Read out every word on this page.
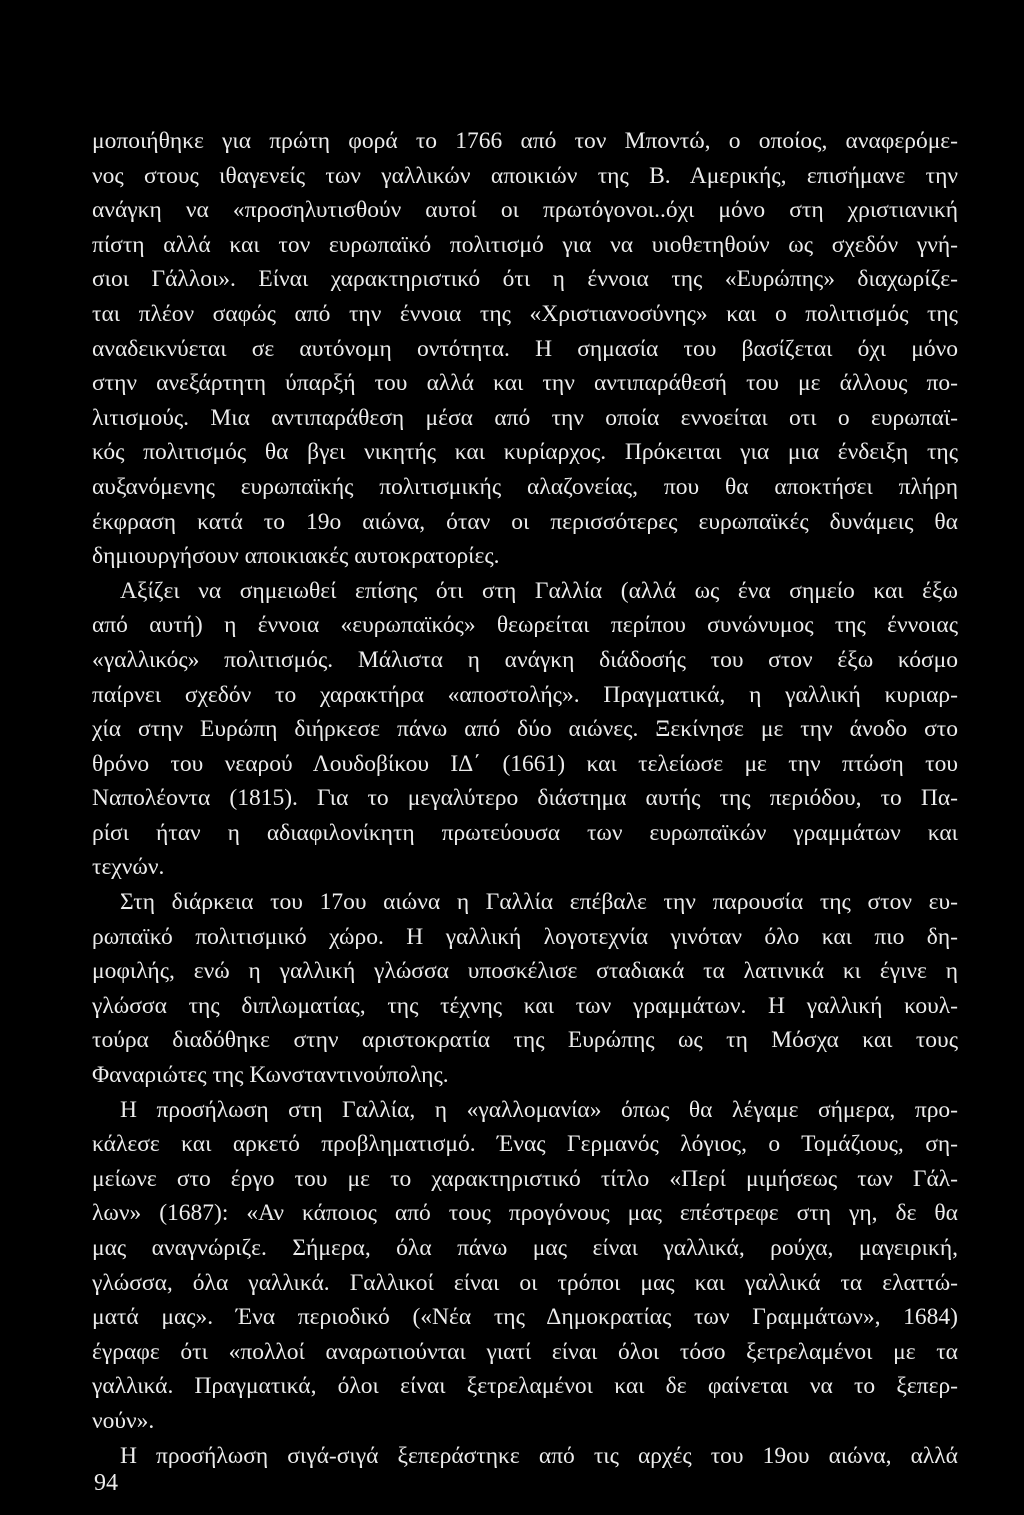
μοποιήθηκε για πρώτη φορά το 1766 από τον Μποντώ, ο οποίος, αναφερόμε-
νος στους ιθαγενείς των γαλλικών αποικιών της Β. Αμερικής, επισήμανε την
ανάγκη να «προσηλυτισθούν αυτοί οι πρωτόγονοι..όχι μόνο στη χριστιανική
πίστη αλλά και τον ευρωπαϊκό πολιτισμό για να υιοθετηθούν ως σχεδόν γνή-
σιοι Γάλλοι». Είναι χαρακτηριστικό ότι η έννοια της «Ευρώπης» διαχωρίζε-
ται πλέον σαφώς από την έννοια της «Χριστιανοσύνης» και ο πολιτισμός της
αναδεικνύεται σε αυτόνομη οντότητα. Η σημασία του βασίζεται όχι μόνο
στην ανεξάρτητη ύπαρξή του αλλά και την αντιπαράθεσή του με άλλους πο-
λιτισμούς. Μια αντιπαράθεση μέσα από την οποία εννοείται οτι ο ευρωπαϊ-
κός πολιτισμός θα βγει νικητής και κυρίαρχος. Πρόκειται για μια ένδειξη της
αυξανόμενης ευρωπαϊκής πολιτισμικής αλαζονείας, που θα αποκτήσει πλήρη
έκφραση κατά το 19ο αιώνα, όταν οι περισσότερες ευρωπαϊκές δυνάμεις θα
δημιουργήσουν αποικιακές αυτοκρατορίες.
Αξίζει να σημειωθεί επίσης ότι στη Γαλλία (αλλά ως ένα σημείο και έξω
από αυτή) η έννοια «ευρωπαϊκός» θεωρείται περίπου συνώνυμος της έννοιας
«γαλλικός» πολιτισμός. Μάλιστα η ανάγκη διάδοσής του στον έξω κόσμο
παίρνει σχεδόν το χαρακτήρα «αποστολής». Πραγματικά, η γαλλική κυριαρ-
χία στην Ευρώπη διήρκεσε πάνω από δύο αιώνες. Ξεκίνησε με την άνοδο στο
θρόνο του νεαρού Λουδοβίκου ΙΔ΄ (1661) και τελείωσε με την πτώση του
Ναπολέοντα (1815). Για το μεγαλύτερο διάστημα αυτής της περιόδου, το Πα-
ρίσι ήταν η αδιαφιλονίκητη πρωτεύουσα των ευρωπαϊκών γραμμάτων και
τεχνών.
Στη διάρκεια του 17ου αιώνα η Γαλλία επέβαλε την παρουσία της στον ευ-
ρωπαϊκό πολιτισμικό χώρο. Η γαλλική λογοτεχνία γινόταν όλο και πιο δη-
μοφιλής, ενώ η γαλλική γλώσσα υποσκέλισε σταδιακά τα λατινικά κι έγινε η
γλώσσα της διπλωματίας, της τέχνης και των γραμμάτων. Η γαλλική κουλ-
τούρα διαδόθηκε στην αριστοκρατία της Ευρώπης ως τη Μόσχα και τους
Φαναριώτες της Κωνσταντινούπολης.
Η προσήλωση στη Γαλλία, η «γαλλομανία» όπως θα λέγαμε σήμερα, προ-
κάλεσε και αρκετό προβληματισμό. Ένας Γερμανός λόγιος, ο Τομάζιους, ση-
μείωνε στο έργο του με το χαρακτηριστικό τίτλο «Περί μιμήσεως των Γάλ-
λων» (1687): «Αν κάποιος από τους προγόνους μας επέστρεφε στη γη, δε θα
μας αναγνώριζε. Σήμερα, όλα πάνω μας είναι γαλλικά, ρούχα, μαγειρική,
γλώσσα, όλα γαλλικά. Γαλλικοί είναι οι τρόποι μας και γαλλικά τα ελαττώ-
ματά μας». Ένα περιοδικό («Νέα της Δημοκρατίας των Γραμμάτων», 1684)
έγραφε ότι «πολλοί αναρωτιούνται γιατί είναι όλοι τόσο ξετρελαμένοι με τα
γαλλικά. Πραγματικά, όλοι είναι ξετρελαμένοι και δε φαίνεται να το ξεπερ-
νούν».
Η προσήλωση σιγά-σιγά ξεπεράστηκε από τις αρχές του 19ου αιώνα, αλλά
94
